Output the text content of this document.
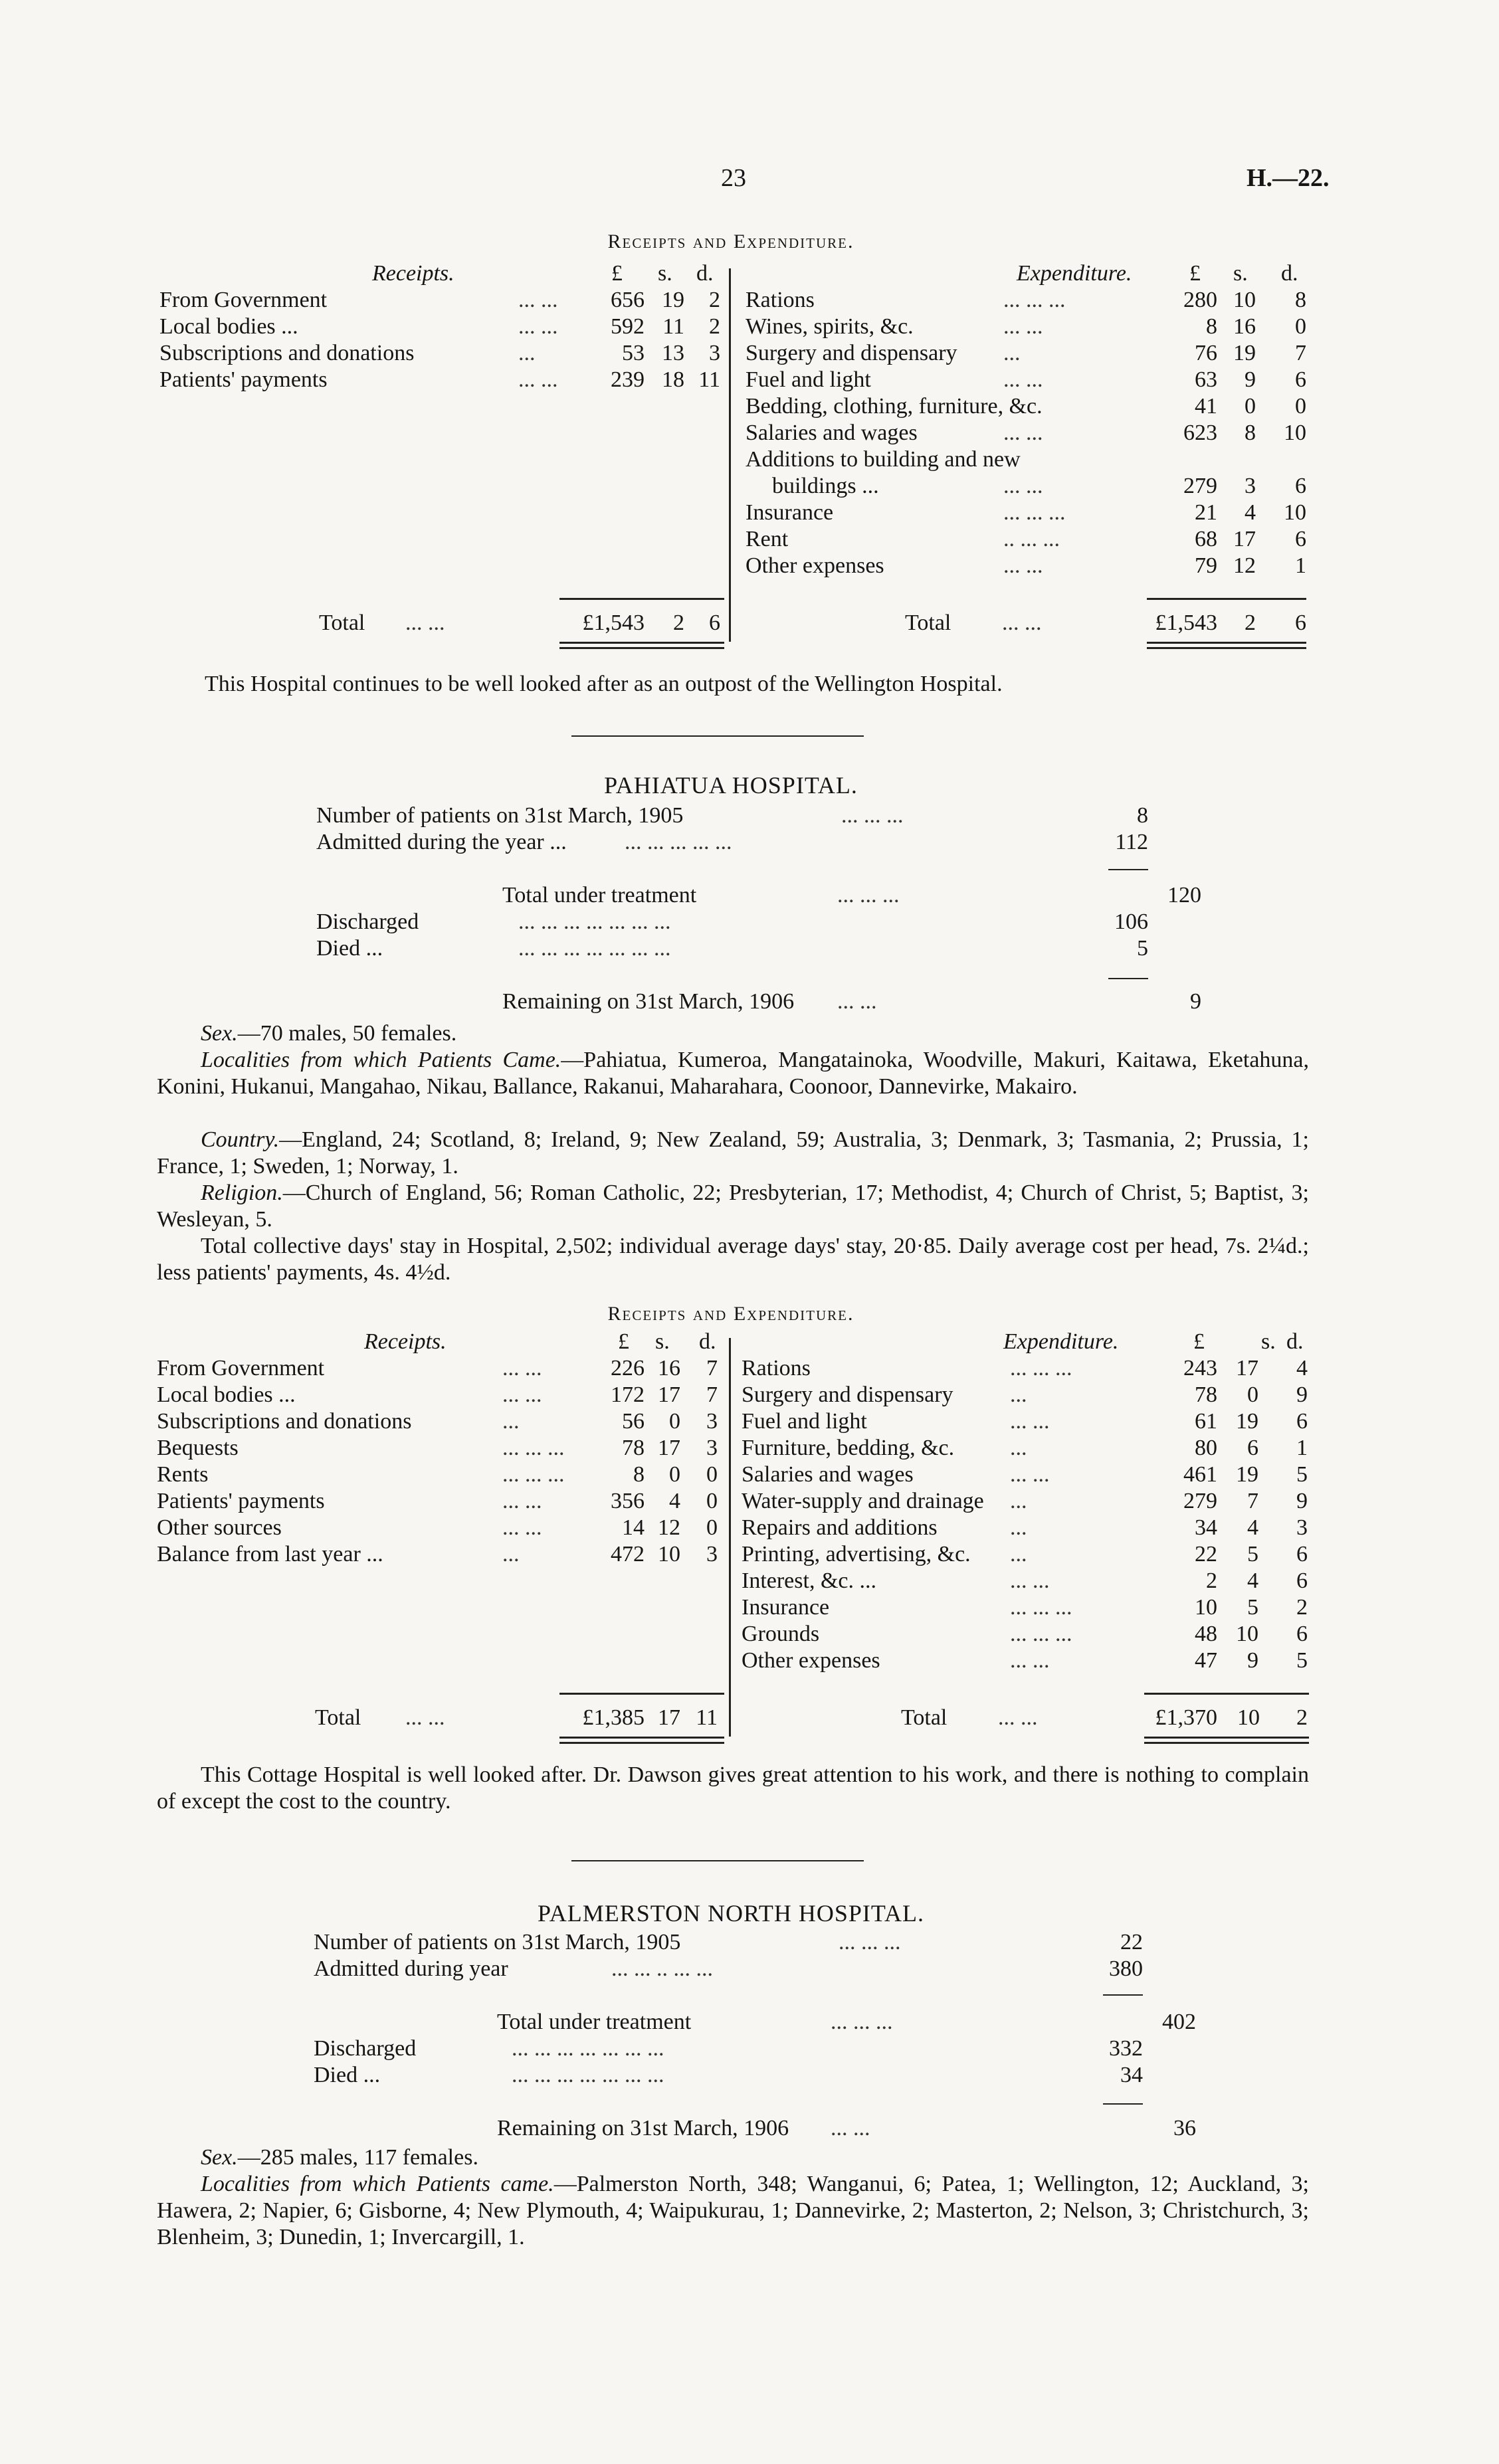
23	H.—22.
Receipts and Expenditure.
Receipts.	£ s. d.	Expenditure.	£ s. d.
From Government	... ...	656 19	2
Local bodies ...	... ...	592 11	2
Subscriptions and donations	...	53 13	3
Patients' payments	... ...	239 18 11
Rations	... ... ...	280 10	8
Wines, spirits, &c.	... ...	8 16	0
Surgery and dispensary ...	76 19	7
Fuel and light	... ...	63	9	6
Bedding, clothing, furniture, &c.	41	0	0
Salaries and wages	... ...	623	8 10
Additions to building and new
buildings ...	... ...	279	3	6
Insurance	... ... ...	21	4 10
Rent	.. ... ...	68 17	6
Other expenses	... ...	79 12	1
Total ... ...	£1,543	2	6	Total ... ...	£1,543	2	6
This Hospital continues to be well looked after as an outpost of the Wellington Hospital.
PAHIATUA HOSPITAL.
Number of patients on 31st March, 1905	... ... ...	8
Admitted during the year ...	... ... ... ... ...	112
Total under treatment	... ... ...	120
Discharged	... ... ... ... ... ... ...	106
Died ...	... ... ... ... ... ... ...	5
Remaining on 31st March, 1906 ... ...	9
Sex.—70 males, 50 females.
Localities from which Patients Came.—Pahiatua, Kumeroa, Mangatainoka, Woodville, Makuri, Kaitawa, Eketahuna, Konini, Hukanui, Mangahao, Nikau, Ballance, Rakanui, Maharahara, Coonoor, Dannevirke, Makairo.
Country.—England, 24; Scotland, 8; Ireland, 9; New Zealand, 59; Australia, 3; Denmark, 3; Tasmania, 2; Prussia, 1; France, 1; Sweden, 1; Norway, 1.
Religion.—Church of England, 56; Roman Catholic, 22; Presbyterian, 17; Methodist, 4; Church of Christ, 5; Baptist, 3; Wesleyan, 5.
Total collective days' stay in Hospital, 2,502; individual average days' stay, 20·85. Daily average cost per head, 7s. 2¼d.; less patients' payments, 4s. 4½d.
Receipts and Expenditure.
Receipts.	£ s. d.	Expenditure.	£	s. d.
From Government	... ...	226 16	7
Local bodies ...	... ...	172 17	7
Subscriptions and donations	...	56	0	3
Bequests	... ... ...	78 17	3
Rents	... ... ...	8	0	0
Patients' payments	... ...	356	4	0
Other sources	... ...	14 12	0
Balance from last year ...	...	472 10	3
Rations	... ... ...	243 17	4
Surgery and dispensary	...	78	0	9
Fuel and light	... ...	61 19	6
Furniture, bedding, &c. ...	80	6	1
Salaries and wages	... ...	461 19	5
Water-supply and drainage ...	279	7	9
Repairs and additions	...	34	4	3
Printing, advertising, &c. ...	22	5	6
Interest, &c. ...	... ...	2	4	6
Insurance	... ... ...	10	5	2
Grounds	... ... ...	48 10	6
Other expenses	... ...	47	9	5
Total ... ...	£1,385 17 11	Total ... ...	£1,370 10	2
This Cottage Hospital is well looked after. Dr. Dawson gives great attention to his work, and there is nothing to complain of except the cost to the country.
PALMERSTON NORTH HOSPITAL.
Number of patients on 31st March, 1905	... ... ...	22
Admitted during year	... ... .. ... ...	380
Total under treatment	... ... ...	402
Discharged	... ... ... ... ... ... ...	332
Died ...	... ... ... ... ... ... ...	34
Remaining on 31st March, 1906 ... ...	36
Sex.—285 males, 117 females.
Localities from which Patients came.—Palmerston North, 348; Wanganui, 6; Patea, 1; Wellington, 12; Auckland, 3; Hawera, 2; Napier, 6; Gisborne, 4; New Plymouth, 4; Waipukurau, 1; Dannevirke, 2; Masterton, 2; Nelson, 3; Christchurch, 3; Blenheim, 3; Dunedin, 1; Invercargill, 1.
